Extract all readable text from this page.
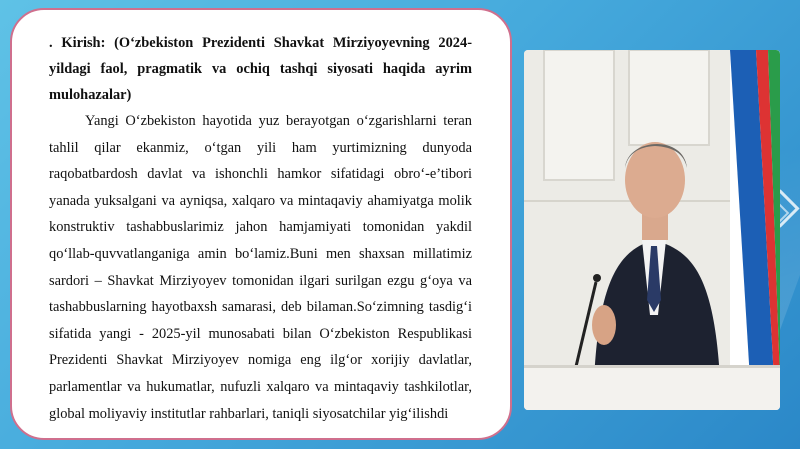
. Kirish: (O‘zbekiston Prezidenti Shavkat Mirziyoyevning 2024-yildagi faol, pragmatik va ochiq tashqi siyosati haqida ayrim mulohazalar)

Yangi O‘zbekiston hayotida yuz berayotgan o‘zgarishlarni teran tahlil qilar ekanmiz, o‘tgan yili ham yurtimizning dunyoda raqobatbardosh davlat va ishonchli hamkor sifatidagi obro‘-e’tibori yanada yuksalgani va ayniqsa, xalqaro va mintaqaviy ahamiyatga molik konstruktiv tashabbuslarimiz jahon hamjamiyati tomonidan yakdil qo‘llab-quvvatlanganiga amin bo‘lamiz.Buni men shaxsan millatimiz sardori – Shavkat Mirziyoyev tomonidan ilgari surilgan ezgu g‘oya va tashabbuslarning hayotbaxsh samarasi, deb bilaman.So‘zimning tasdig‘i sifatida yangi - 2025-yil munosabati bilan O‘zbekiston Respublikasi Prezidenti Shavkat Mirziyoyev nomiga eng ilg‘or xorijiy davlatlar, parlamentlar va hukumatlar, nufuzli xalqaro va mintaqaviy tashkilotlar, global moliyaviy institutlar rahbarlari, taniqli siyosatchilar yig‘ilishdi
